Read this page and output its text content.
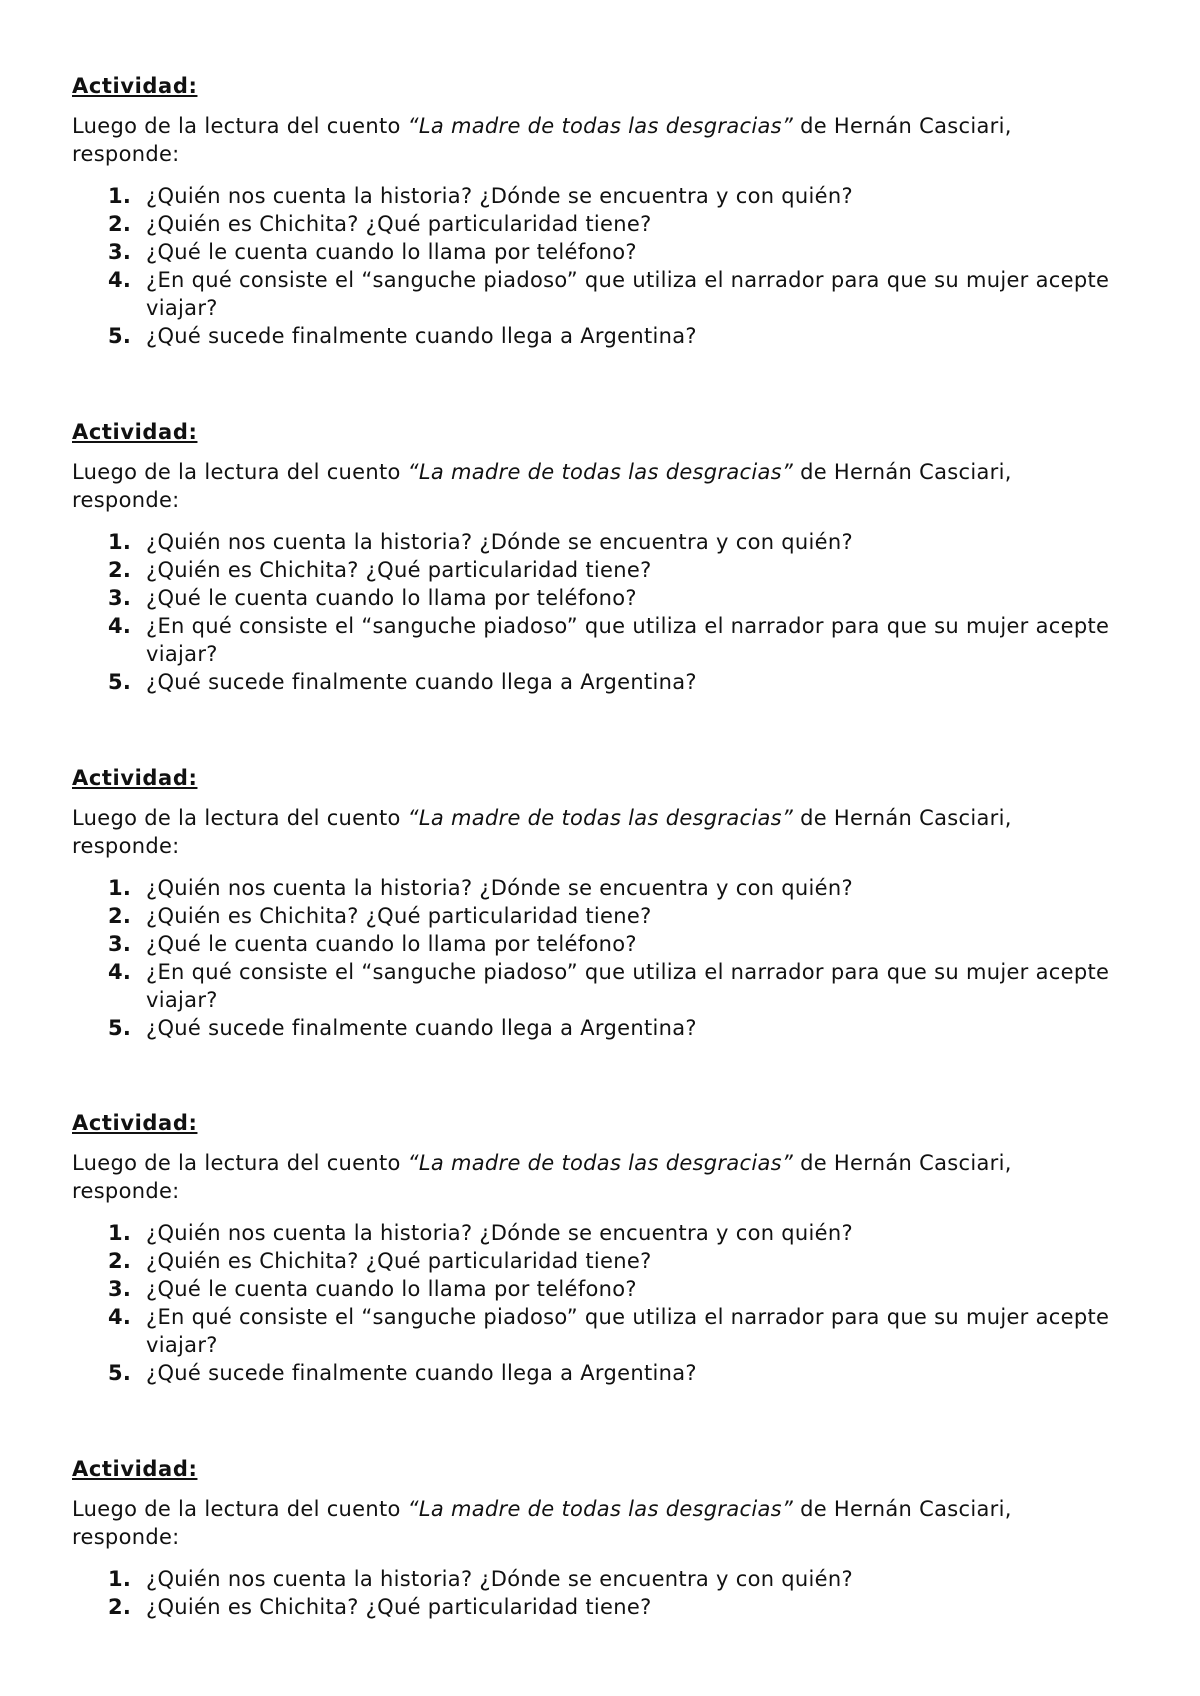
Actividad:

Luego de la lectura del cuento “La madre de todas las desgracias” de Hernán Casciari, responde:

1. ¿Quién nos cuenta la historia? ¿Dónde se encuentra y con quién?
2. ¿Quién es Chichita? ¿Qué particularidad tiene?
3. ¿Qué le cuenta cuando lo llama por teléfono?
4. ¿En qué consiste el “sanguche piadoso” que utiliza el narrador para que su mujer acepte viajar?
5. ¿Qué sucede finalmente cuando llega a Argentina?

Actividad:

Luego de la lectura del cuento “La madre de todas las desgracias” de Hernán Casciari, responde:

1. ¿Quién nos cuenta la historia? ¿Dónde se encuentra y con quién?
2. ¿Quién es Chichita? ¿Qué particularidad tiene?
3. ¿Qué le cuenta cuando lo llama por teléfono?
4. ¿En qué consiste el “sanguche piadoso” que utiliza el narrador para que su mujer acepte viajar?
5. ¿Qué sucede finalmente cuando llega a Argentina?

Actividad:

Luego de la lectura del cuento “La madre de todas las desgracias” de Hernán Casciari, responde:

1. ¿Quién nos cuenta la historia? ¿Dónde se encuentra y con quién?
2. ¿Quién es Chichita? ¿Qué particularidad tiene?
3. ¿Qué le cuenta cuando lo llama por teléfono?
4. ¿En qué consiste el “sanguche piadoso” que utiliza el narrador para que su mujer acepte viajar?
5. ¿Qué sucede finalmente cuando llega a Argentina?

Actividad:

Luego de la lectura del cuento “La madre de todas las desgracias” de Hernán Casciari, responde:

1. ¿Quién nos cuenta la historia? ¿Dónde se encuentra y con quién?
2. ¿Quién es Chichita? ¿Qué particularidad tiene?
3. ¿Qué le cuenta cuando lo llama por teléfono?
4. ¿En qué consiste el “sanguche piadoso” que utiliza el narrador para que su mujer acepte viajar?
5. ¿Qué sucede finalmente cuando llega a Argentina?

Actividad:

Luego de la lectura del cuento “La madre de todas las desgracias” de Hernán Casciari, responde:

1. ¿Quién nos cuenta la historia? ¿Dónde se encuentra y con quién?
2. ¿Quién es Chichita? ¿Qué particularidad tiene?
